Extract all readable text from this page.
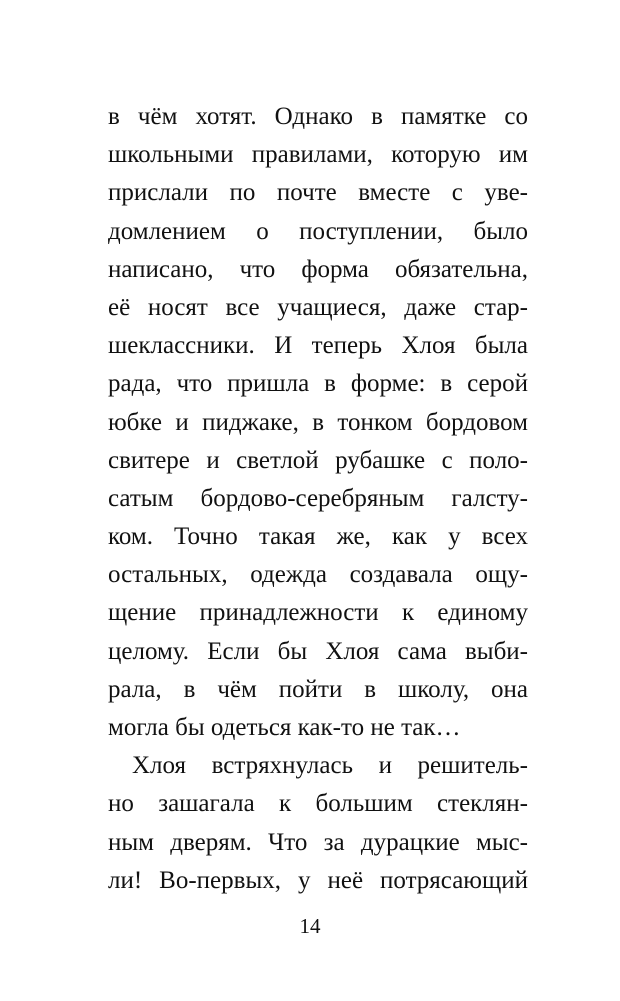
в чём хотят. Однако в памятке со
школьными правилами, которую им
прислали по почте вместе с уве-
домлением о поступлении, было
написано, что форма обязательна,
её носят все учащиеся, даже стар-
шеклассники. И теперь Хлоя была
рада, что пришла в форме: в серой
юбке и пиджаке, в тонком бордовом
свитере и светлой рубашке с поло-
сатым бордово-серебряным галсту-
ком. Точно такая же, как у всех
остальных, одежда создавала ощу-
щение принадлежности к единому
целому. Если бы Хлоя сама выби-
рала, в чём пойти в школу, она
могла бы одеться как-то не так…
Хлоя встряхнулась и решитель-
но зашагала к большим стеклян-
ным дверям. Что за дурацкие мыс-
ли! Во-первых, у неё потрясающий
14
